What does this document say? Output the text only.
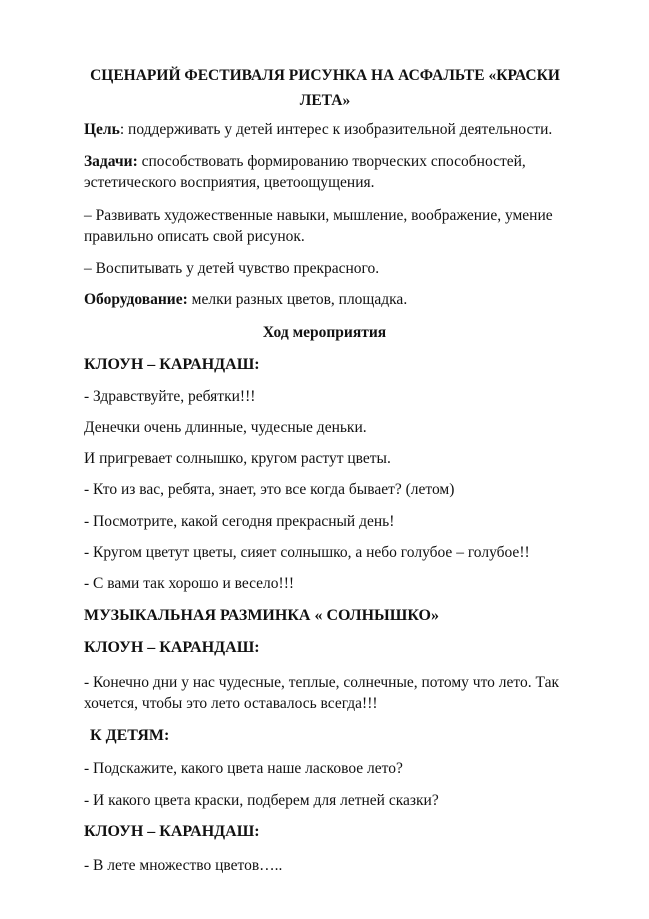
СЦЕНАРИЙ ФЕСТИВАЛЯ РИСУНКА НА АСФАЛЬТЕ «КРАСКИ ЛЕТА»
Цель: поддерживать у детей интерес к изобразительной деятельности.
Задачи: способствовать формированию творческих способностей, эстетического восприятия, цветоощущения.
– Развивать художественные навыки, мышление, воображение, умение правильно описать свой рисунок.
– Воспитывать у детей чувство прекрасного.
Оборудование: мелки разных цветов, площадка.
Ход мероприятия
КЛОУН – КАРАНДАШ:
- Здравствуйте, ребятки!!!
Денечки очень длинные, чудесные деньки.
И пригревает солнышко, кругом растут цветы.
- Кто из вас, ребята, знает, это все когда бывает? (летом)
- Посмотрите, какой сегодня прекрасный день!
- Кругом цветут цветы, сияет солнышко, а небо голубое – голубое!!
- С вами так хорошо и весело!!!
МУЗЫКАЛЬНАЯ РАЗМИНКА « СОЛНЫШКО»
КЛОУН – КАРАНДАШ:
- Конечно дни у нас чудесные, теплые, солнечные, потому что лето. Так хочется, чтобы это лето оставалось всегда!!!
К ДЕТЯМ:
- Подскажите, какого цвета наше ласковое лето?
- И какого цвета краски, подберем для летней сказки?
КЛОУН – КАРАНДАШ:
- В лете множество цветов…..
